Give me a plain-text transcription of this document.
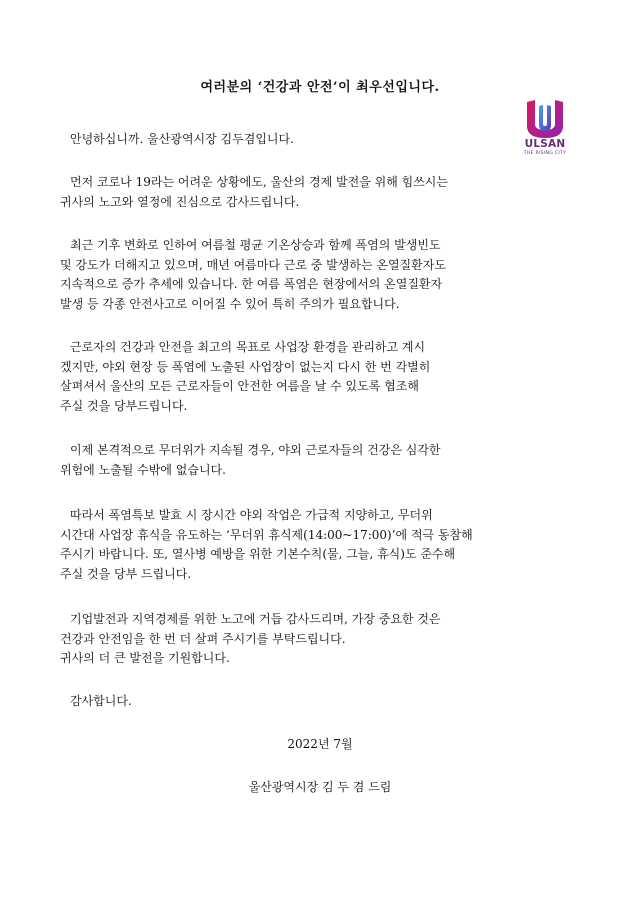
여러분의 ‘건강과 안전’이 최우선입니다.
ULSAN
THE RISING CITY
안녕하십니까. 울산광역시장 김두겸입니다.
먼저 코로나 19라는 어려운 상황에도, 울산의 경제 발전을 위해 힘쓰시는
귀사의 노고와 열정에 진심으로 감사드립니다.
최근 기후 변화로 인하여 여름철 평균 기온상승과 함께 폭염의 발생빈도
및 강도가 더해지고 있으며, 매년 여름마다 근로 중 발생하는 온열질환자도
지속적으로 증가 추세에 있습니다. 한 여름 폭염은 현장에서의 온열질환자
발생 등 각종 안전사고로 이어질 수 있어 특히 주의가 필요합니다.
근로자의 건강과 안전을 최고의 목표로 사업장 환경을 관리하고 계시
겠지만, 야외 현장 등 폭염에 노출된 사업장이 없는지 다시 한 번 각별히
살펴셔서 울산의 모든 근로자들이 안전한 여름을 날 수 있도록 협조해
주실 것을 당부드립니다.
이제 본격적으로 무더위가 지속될 경우, 야외 근로자들의 건강은 심각한
위험에 노출될 수밖에 없습니다.
따라서 폭염특보 발효 시 장시간 야외 작업은 가급적 지양하고, 무더위
시간대 사업장 휴식을 유도하는 ‘무더위 휴식제(14:00~17:00)’에 적극 동참해
주시기 바랍니다. 또, 열사병 예방을 위한 기본수칙(물, 그늘, 휴식)도 준수해
주실 것을 당부 드립니다.
기업발전과 지역경제를 위한 노고에 거듭 감사드리며, 가장 중요한 것은
건강과 안전임을 한 번 더 살펴 주시기를 부탁드립니다.
귀사의 더 큰 발전을 기원합니다.
감사합니다.
2022년 7월
울산광역시장 김 두 겸 드림
